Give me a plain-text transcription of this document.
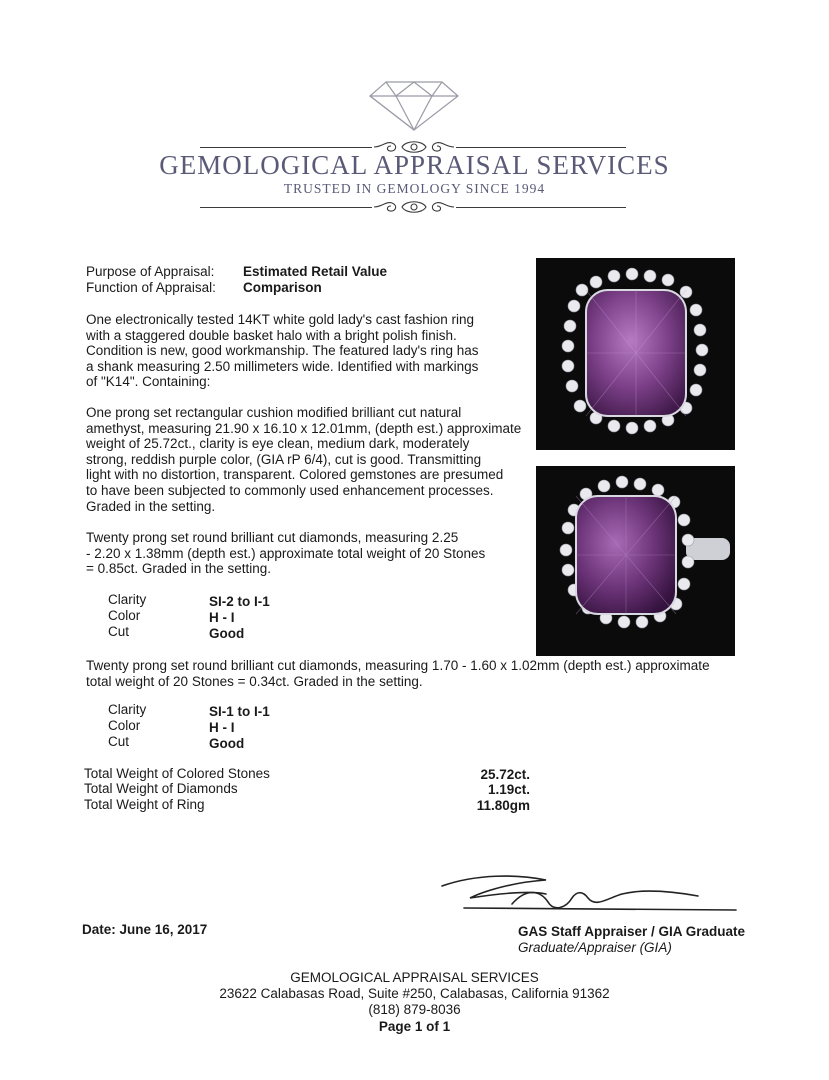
GEMOLOGICAL APPRAISAL SERVICES
TRUSTED IN GEMOLOGY SINCE 1994
Purpose of Appraisal: Estimated Retail Value
Function of Appraisal: Comparison

One electronically tested 14KT white gold lady's cast fashion ring

with a staggered double basket halo with a bright polish finish.

Condition is new, good workmanship. The featured lady's ring has

a shank measuring 2.50 millimeters wide. Identified with markings

of "K14". Containing:

One prong set rectangular cushion modified brilliant cut natural

amethyst, measuring 21.90 x 16.10 x 12.01mm, (depth est.) approximate

weight of 25.72ct., clarity is eye clean, medium dark, moderately

strong, reddish purple color, (GIA rP 6/4), cut is good. Transmitting

light with no distortion, transparent. Colored gemstones are presumed

to have been subjected to commonly used enhancement processes.

Graded in the setting.

Twenty prong set round brilliant cut diamonds, measuring 2.25

- 2.20 x 1.38mm (depth est.) approximate total weight of 20 Stones

= 0.85ct. Graded in the setting.

Clarity	SI-2 to I-1
Color	H - I
Cut	Good

Twenty prong set round brilliant cut diamonds, measuring 1.70 - 1.60 x 1.02mm (depth est.) approximate

total weight of 20 Stones = 0.34ct. Graded in the setting.

Clarity	SI-1 to I-1
Color	H - I
Cut	Good
Total Weight of Colored Stones	25.72ct.
Total Weight of Diamonds	1.19ct.
Total Weight of Ring	11.80gm
Date: June 16, 2017	GAS Staff Appraiser / GIA Graduate
Graduate/Appraiser (GIA)
GEMOLOGICAL APPRAISAL SERVICES
23622 Calabasas Road, Suite #250, Calabasas, California 91362
(818) 879-8036
Page 1 of 1
